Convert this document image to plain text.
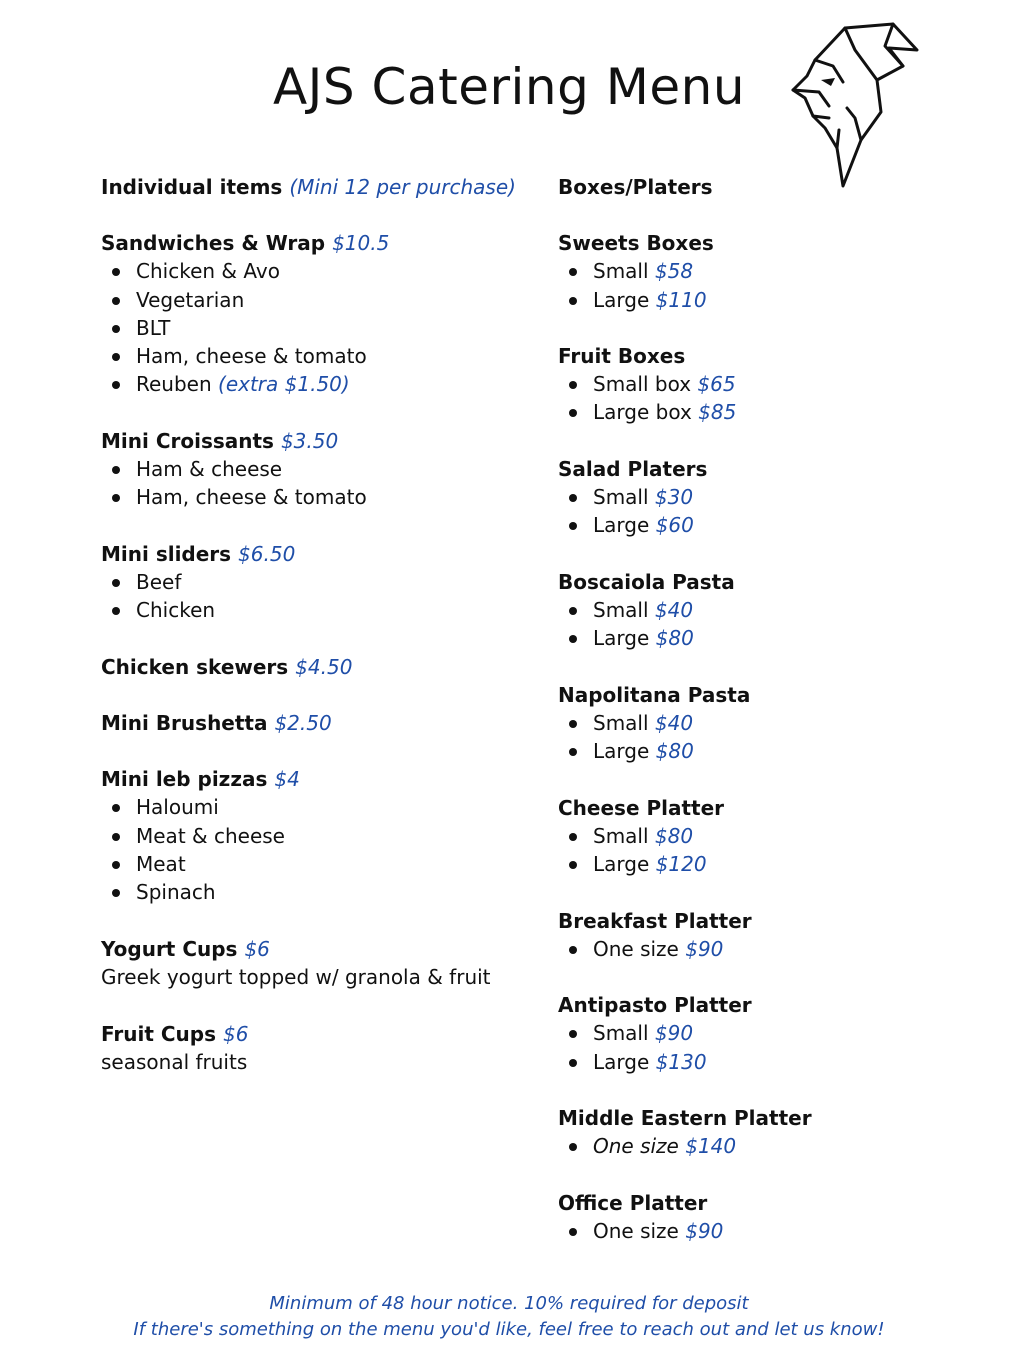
AJS Catering Menu
Individual items (Mini 12 per purchase)
Sandwiches & Wrap $10.5
Chicken & Avo
Vegetarian
BLT
Ham, cheese & tomato
Reuben (extra $1.50)
Mini Croissants $3.50
Ham & cheese
Ham, cheese & tomato
Mini sliders $6.50
Beef
Chicken
Chicken skewers $4.50
Mini Brushetta $2.50
Mini leb pizzas $4
Haloumi
Meat & cheese
Meat
Spinach
Yogurt Cups $6
Greek yogurt topped w/ granola & fruit
Fruit Cups $6
seasonal fruits
Boxes/Platers
Sweets Boxes
Small $58
Large $110
Fruit Boxes
Small box $65
Large box $85
Salad Platers
Small $30
Large $60
Boscaiola Pasta
Small $40
Large $80
Napolitana Pasta
Small $40
Large $80
Cheese Platter
Small $80
Large $120
Breakfast Platter
One size $90
Antipasto Platter
Small $90
Large $130
Middle Eastern Platter
One size $140
Office Platter
One size $90
Minimum of 48 hour notice. 10% required for deposit
If there's something on the menu you'd like, feel free to reach out and let us know!
